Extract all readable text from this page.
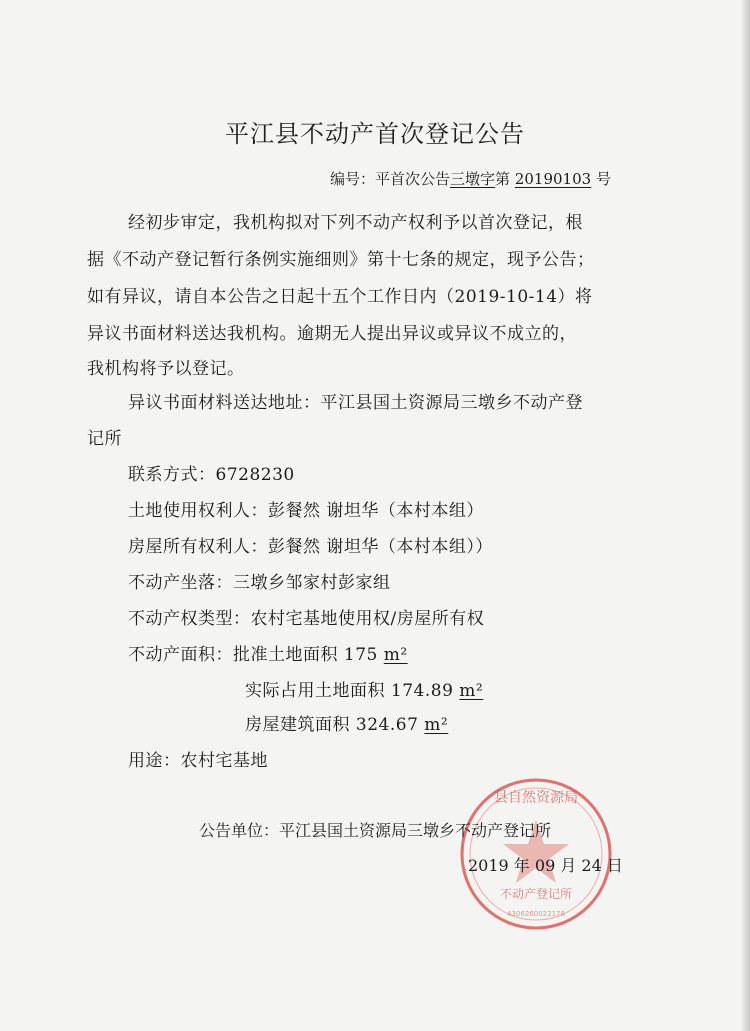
平江县不动产首次登记公告
编号：平首次公告三墩字第 20190103 号
经初步审定，我机构拟对下列不动产权利予以首次登记，根
据《不动产登记暂行条例实施细则》第十七条的规定，现予公告；
如有异议，请自本公告之日起十五个工作日内（2019-10-14）将
异议书面材料送达我机构。逾期无人提出异议或异议不成立的，
我机构将予以登记。
异议书面材料送达地址：平江县国土资源局三墩乡不动产登
记所
联系方式：6728230
土地使用权利人：彭餐然 谢坦华（本村本组）
房屋所有权利人：彭餐然 谢坦华（本村本组））
不动产坐落：三墩乡邹家村彭家组
不动产权类型：农村宅基地使用权/房屋所有权
不动产面积：批准土地面积 175 m²
实际占用土地面积 174.89 m²
房屋建筑面积 324.67 m²
用途：农村宅基地
县自然资源局
不动产登记所
4306260022178
公告单位：平江县国土资源局三墩乡不动产登记所
2019 年 09 月 24 日
